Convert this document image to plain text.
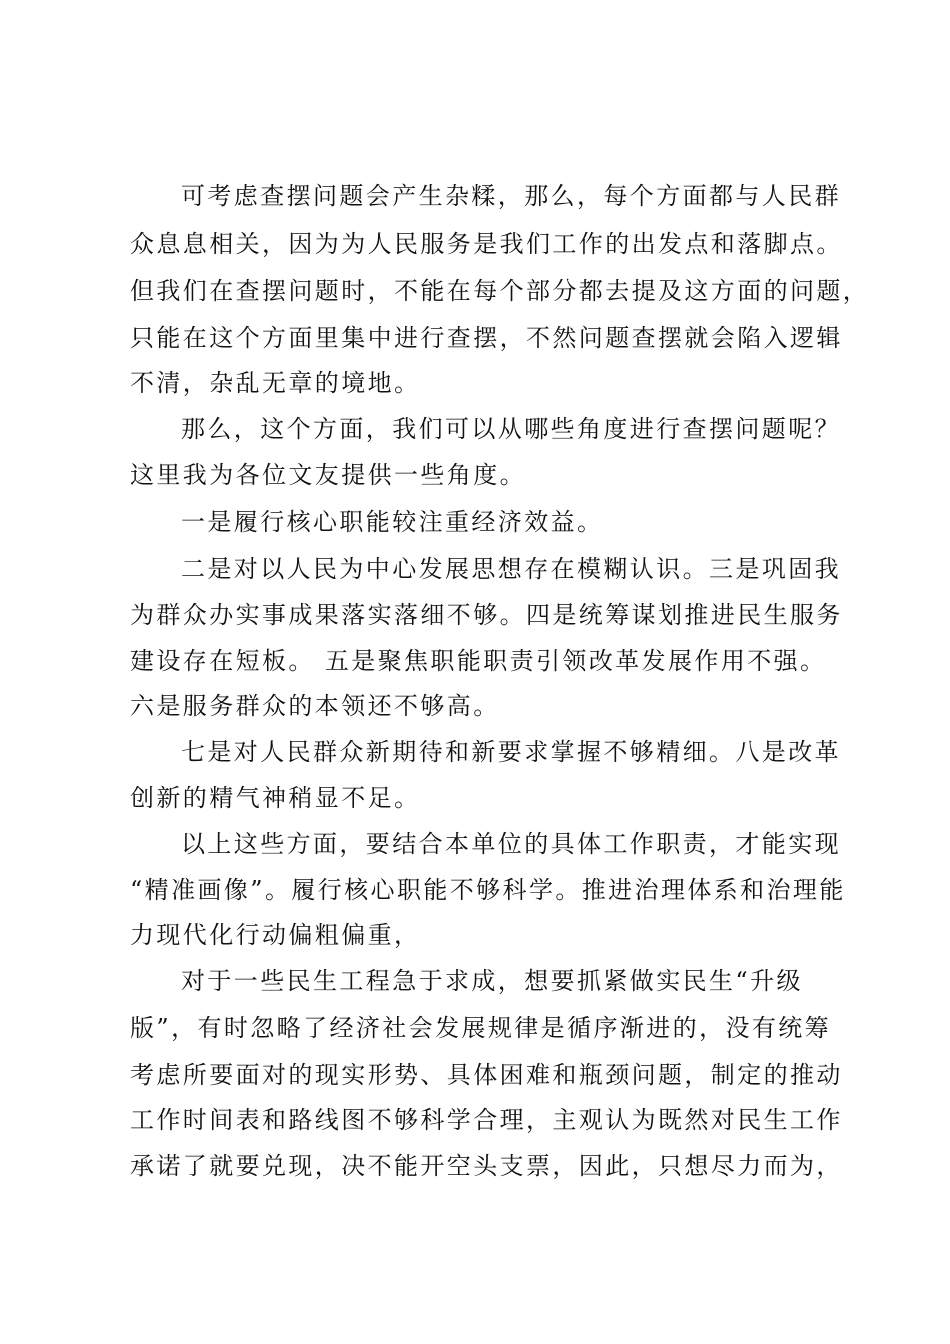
可考虑查摆问题会产生杂糅，那么，每个方面都与人民群
众息息相关，因为为人民服务是我们工作的出发点和落脚点。
但我们在查摆问题时，不能在每个部分都去提及这方面的问题，
只能在这个方面里集中进行查摆，不然问题查摆就会陷入逻辑
不清，杂乱无章的境地。
那么，这个方面，我们可以从哪些角度进行查摆问题呢？
这里我为各位文友提供一些角度。
一是履行核心职能较注重经济效益。
二是对以人民为中心发展思想存在模糊认识。三是巩固我
为群众办实事成果落实落细不够。四是统筹谋划推进民生服务
建设存在短板。 五是聚焦职能职责引领改革发展作用不强。
六是服务群众的本领还不够高。
七是对人民群众新期待和新要求掌握不够精细。八是改革
创新的精气神稍显不足。
以上这些方面，要结合本单位的具体工作职责，才能实现
“精准画像”。履行核心职能不够科学。推进治理体系和治理能
力现代化行动偏粗偏重，
对于一些民生工程急于求成，想要抓紧做实民生“升级
版”，有时忽略了经济社会发展规律是循序渐进的，没有统筹
考虑所要面对的现实形势、具体困难和瓶颈问题，制定的推动
工作时间表和路线图不够科学合理，主观认为既然对民生工作
承诺了就要兑现，决不能开空头支票，因此，只想尽力而为，
